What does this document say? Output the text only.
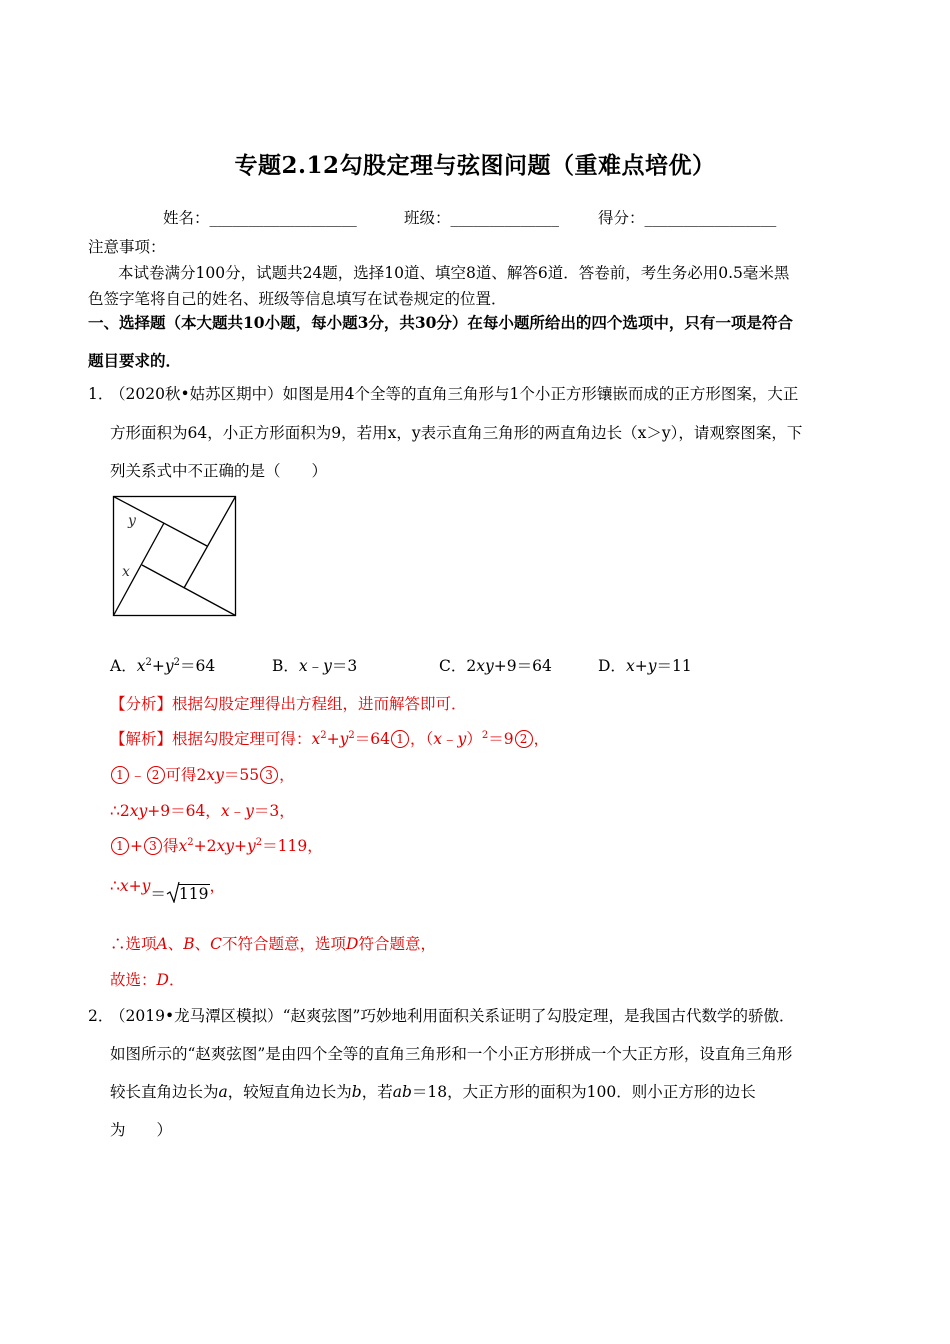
专题2.12勾股定理与弦图问题（重难点培优）
姓名：___________________	班级：______________	得分：_________________
注意事项：
本试卷满分100分，试题共24题，选择10道、填空8道、解答6道．答卷前，考生务必用0.5毫米黑
色签字笔将自己的姓名、班级等信息填写在试卷规定的位置．
一、选择题（本大题共10小题，每小题3分，共30分）在每小题所给出的四个选项中，只有一项是符合
题目要求的．
1．
（2020秋•姑苏区期中）如图是用4个全等的直角三角形与1个小正方形镶嵌而成的正方形图案，大正
方形面积为64，小正方形面积为9，若用x，y表示直角三角形的两直角边长（x＞y），请观察图案，下
列关系式中不正确的是（　　）
y
x
A．$x^2+y^2=64$	B．x﹣y＝3	C．2xy+9＝64	D．x+y＝11
【分析】根据勾股定理得出方程组，进而解答即可．
【解析】根据勾股定理可得：$x^2+y^2=64$ 1 ，（x﹣y）$^2$＝9 2 ，
1 ﹣ 2 可得2xy＝55 3 ，
∴2xy+9＝64，x﹣y＝3，
1 + 3 得$x^2+2xy+y^2=119$，
∴x+y＝ 119，
∴选项A、B、C不符合题意，选项D符合题意，
故选：D．
2．
（2019•龙马潭区模拟）“赵爽弦图”巧妙地利用面积关系证明了勾股定理，是我国古代数学的骄傲．
如图所示的“赵爽弦图”是由四个全等的直角三角形和一个小正方形拼成一个大正方形，设直角三角形
较长直角边长为a，较短直角边长为b，若ab＝18，大正方形的面积为100．则小正方形的边长
为　　）
